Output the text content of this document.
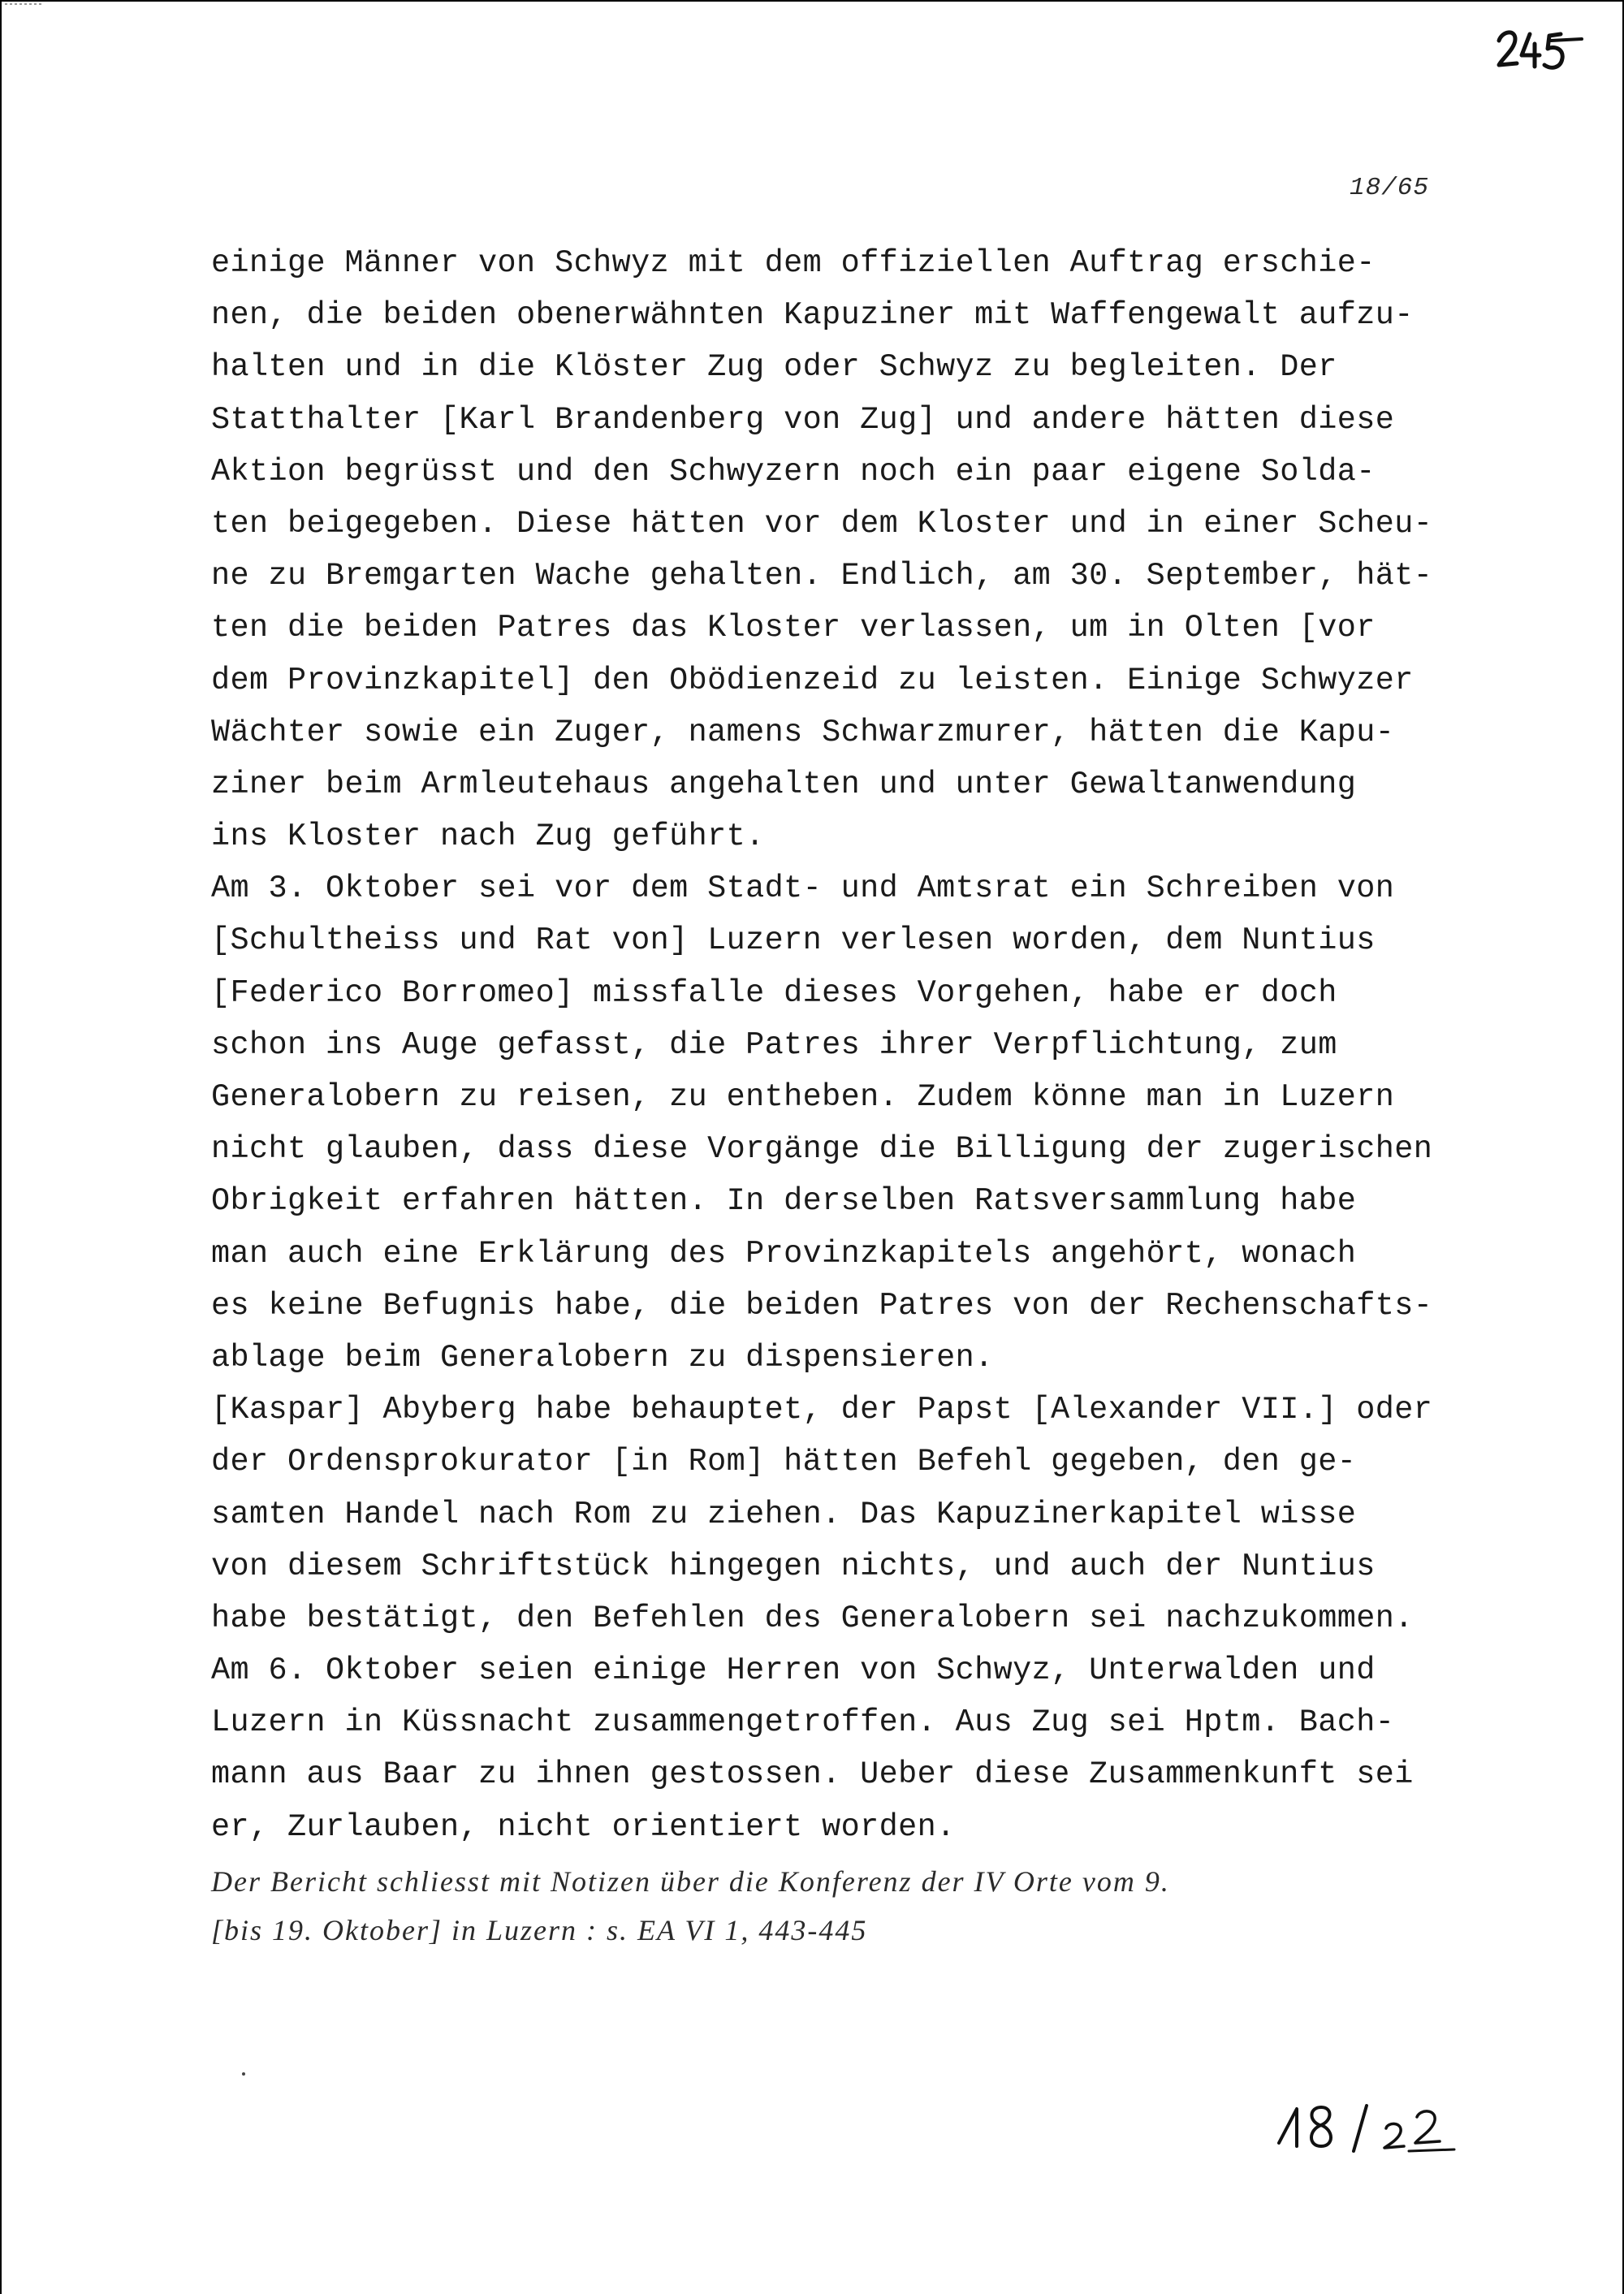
18/65
einige Männer von Schwyz mit dem offiziellen Auftrag erschie-
nen, die beiden obenerwähnten Kapuziner mit Waffengewalt aufzu-
halten und in die Klöster Zug oder Schwyz zu begleiten. Der
Statthalter [Karl Brandenberg von Zug] und andere hätten diese
Aktion begrüsst und den Schwyzern noch ein paar eigene Solda-
ten beigegeben. Diese hätten vor dem Kloster und in einer Scheu-
ne zu Bremgarten Wache gehalten. Endlich, am 30. September, hät-
ten die beiden Patres das Kloster verlassen, um in Olten [vor
dem Provinzkapitel] den Obödienzeid zu leisten. Einige Schwyzer
Wächter sowie ein Zuger, namens Schwarzmurer, hätten die Kapu-
ziner beim Armleutehaus angehalten und unter Gewaltanwendung
ins Kloster nach Zug geführt.
Am 3. Oktober sei vor dem Stadt- und Amtsrat ein Schreiben von
[Schultheiss und Rat von] Luzern verlesen worden, dem Nuntius
[Federico Borromeo] missfalle dieses Vorgehen, habe er doch
schon ins Auge gefasst, die Patres ihrer Verpflichtung, zum
Generalobern zu reisen, zu entheben. Zudem könne man in Luzern
nicht glauben, dass diese Vorgänge die Billigung der zugerischen
Obrigkeit erfahren hätten. In derselben Ratsversammlung habe
man auch eine Erklärung des Provinzkapitels angehört, wonach
es keine Befugnis habe, die beiden Patres von der Rechenschafts-
ablage beim Generalobern zu dispensieren.
[Kaspar] Abyberg habe behauptet, der Papst [Alexander VII.] oder
der Ordensprokurator [in Rom] hätten Befehl gegeben, den ge-
samten Handel nach Rom zu ziehen. Das Kapuzinerkapitel wisse
von diesem Schriftstück hingegen nichts, und auch der Nuntius
habe bestätigt, den Befehlen des Generalobern sei nachzukommen.
Am 6. Oktober seien einige Herren von Schwyz, Unterwalden und
Luzern in Küssnacht zusammengetroffen. Aus Zug sei Hptm. Bach-
mann aus Baar zu ihnen gestossen. Ueber diese Zusammenkunft sei
er, Zurlauben, nicht orientiert worden.
Der Bericht schliesst mit Notizen über die Konferenz der IV Orte vom 9.
[bis 19. Oktober] in Luzern : s. EA VI 1, 443-445
